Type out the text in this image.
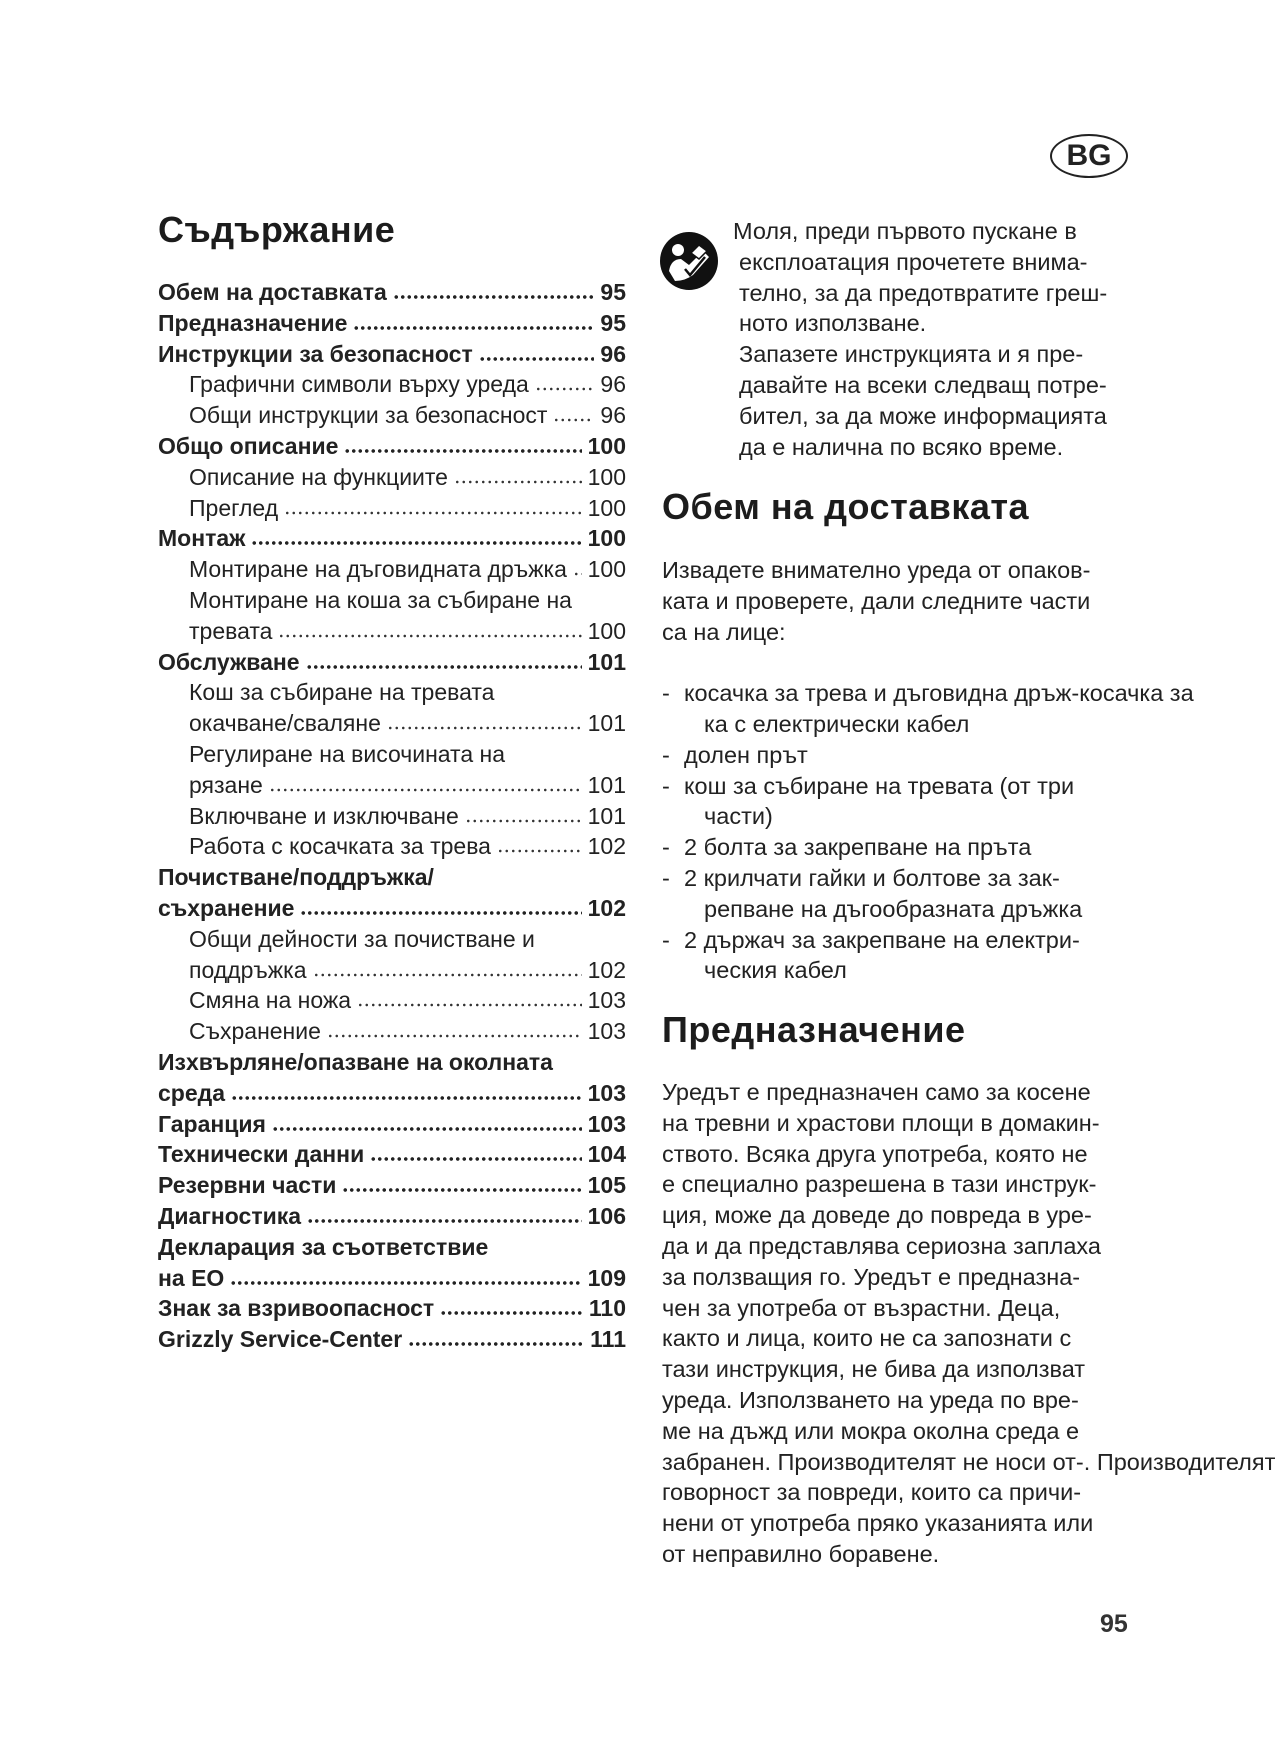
BG
Съдържание
Обем на доставката	95
Предназначение	95
Инструкции за безопасност	96
Графични символи върху уреда	96
Общи инструкции за безопасност 96
Общо описание	100
Описание на функциите	100
Преглед	100
Монтаж	100
Монтиране на дъговидната дръжка 100
Монтиране на коша за събиране на
тревата	100
Обслужване	101
Кош за събиране на тревата
окачване/сваляне	101
Регулиране на височината на
рязане	101
Включване и изключване	101
Работа с косачката за трева	102
Почистване/поддръжка/
съхранение	102
Общи дейности за почистване и
поддръжка	102
Смяна на ножа	103
Съхранение	103
Изхвърляне/опазване на околната
среда	103
Гаранция	103
Технически данни	104
Резервни части	105
Диагностика	106
Декларация за съответствие
на ЕО	109
Знак за взривоопасност	110
Grizzly Service-Center	111
Моля, преди първото пускане в
експлоатация прочетете внима-
телно, за да предотвратите греш-
ното използване.
Запазете инструкцията и я пре-
давайте на всеки следващ потре-
бител, за да може информацията
да е налична по всяко време.
Обем на доставката
Извадете внимателно уреда от опаков-
ката и проверете, дали следните части
са на лице:
- косачка за трева и дъговидна дръж-косачка за
ка с електрически кабел
- долен прът
- кош за събиране на тревата (от три
части)
- 2 болта за закрепване на пръта
- 2 крилчати гайки и болтове за зак-
репване на дъгообразната дръжка
- 2 държач за закрепване на електри-
ческия кабел
Предназначение
Уредът е предназначен само за косене
на тревни и храстови площи в домакин-
ството. Всяка друга употреба, която не
е специално разрешена в тази инструк-
ция, може да доведе до повреда в уре-
да и да представлява сериозна заплаха
за ползващия го. Уредът е предназна-
чен за употреба от възрастни. Деца,
както и лица, които не са запознати с
тази инструкция, не бива да използват
уреда. Използването на уреда по вре-
ме на дъжд или мокра околна среда е
забранен. Производителят не носи от-. Производителят
говорност за повреди, които са причи-
нени от употреба пряко указанията или
от неправилно боравене.
95
